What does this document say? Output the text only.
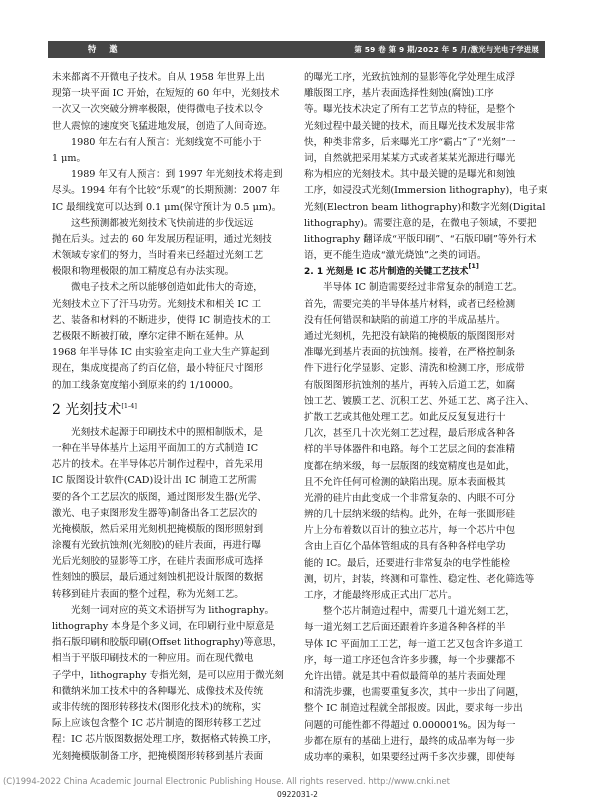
特邀	第 59 卷 第 9 期/2022 年 5 月/激光与光电子学进展
未来都离不开微电子技术。自从 1958 年世界上出
现第一块平面 IC 开始，在短短的 60 年中，光刻技术
一次又一次突破分辨率极限，使得微电子技术以令
世人震惊的速度突飞猛进地发展，创造了人间奇迹。
1980 年左右有人预言：光刻线宽不可能小于
1 μm。
1989 年又有人预言：到 1997 年光刻技术将走到
尽头。1994 年有个比较“乐观”的长期预测：2007 年
IC 最细线宽可以达到 0.1 μm(保守预计为 0.5 μm)。
这些预测都被光刻技术飞快前进的步伐远远
抛在后头。过去的 60 年发展历程证明，通过光刻技
术领域专家们的努力，当时看来已经超过光刻工艺
极限和物理极限的加工精度总有办法实现。
微电子技术之所以能够创造如此伟大的奇迹，
光刻技术立下了汗马功劳。光刻技术和相关 IC 工
艺、装备和材料的不断进步，使得 IC 制造技术的工
艺极限不断被打破，摩尔定律不断在延伸。从
1968 年半导体 IC 由实验室走向工业大生产算起到
现在，集成度提高了约百亿倍，最小特征尺寸图形
的加工线条宽度缩小到原来的约 1/10000。
2 光刻技术[1-4]
光刻技术起源于印刷技术中的照相制版术，是
一种在半导体基片上运用平面加工的方式制造 IC
芯片的技术。在半导体芯片制作过程中，首先采用
IC 版图设计软件(CAD)设计出 IC 制造工艺所需
要的各个工艺层次的版图，通过图形发生器(光学、
激光、电子束图形发生器等)制备出各工艺层次的
光掩模版，然后采用光刻机把掩模版的图形照射到
涂覆有光致抗蚀剂(光刻胶)的硅片表面，再进行曝
光后光刻胶的显影等工序，在硅片表面形成可选择
性刻蚀的膜层，最后通过刻蚀机把设计版图的数据
转移到硅片表面的整个过程，称为光刻工艺。
光刻一词对应的英文术语拼写为 lithography。
lithography 本身是个多义词，在印刷行业中原意是
指石版印刷和胶版印刷(Offset lithography)等意思，
相当于平版印刷技术的一种应用。而在现代微电
子学中，lithography 专指光刻，是可以应用于微光刻
和微纳米加工技术中的各种曝光、成像技术及传统
或非传统的图形转移技术(图形化技术)的统称，实
际上应该包含整个 IC 芯片制造的图形转移工艺过
程：IC 芯片版图数据处理工序，数据格式转换工序，
光刻掩模版制备工序，把掩模图形转移到基片表面
的曝光工序，光致抗蚀剂的显影等化学处理生成浮
雕版图工序，基片表面选择性刻蚀(腐蚀)工序
等。曝光技术决定了所有工艺节点的特征，是整个
光刻过程中最关键的技术，而且曝光技术发展非常
快，种类非常多，后来曝光工序“霸占”了“光刻”一
词，自然就把采用某某方式或者某某光源进行曝光
称为相应的光刻技术。其中最关键的是曝光和刻蚀
工序，如浸没式光刻(Immersion lithography)，电子束
光刻(Electron beam lithography)和数字光刻(Digital
lithography)。需要注意的是，在微电子领域，不要把
lithography 翻译成“平版印刷”、“石版印刷”等外行术
语，更不能生造成“激光烧蚀”之类的词语。
2. 1 光刻是 IC 芯片制造的关键工艺技术[1]
半导体 IC 制造需要经过非常复杂的制造工艺。
首先，需要完美的半导体基片材料，或者已经检测
没有任何错误和缺陷的前道工序的半成品基片。
通过光刻机，先把没有缺陷的掩模版的版图图形对
准曝光到基片表面的抗蚀剂。接着，在严格控制条
件下进行化学显影、定影、清洗和检测工序，形成带
有版图图形抗蚀剂的基片，再转入后道工艺，如腐
蚀工艺、镀膜工艺、沉积工艺、外延工艺、离子注入、
扩散工艺或其他处理工艺。如此反反复复进行十
几次，甚至几十次光刻工艺过程，最后形成各种各
样的半导体器件和电路。每个工艺层之间的套准精
度都在纳米级，每一层版图的线宽精度也是如此，
且不允许任何可检测的缺陷出现。原本表面极其
光滑的硅片由此变成一个非常复杂的、内眼不可分
辨的几十层纳米级的结构。此外，在每一张圆形硅
片上分布着数以百计的独立芯片，每一个芯片中包
含由上百亿个晶体管组成的具有各种各样电学功
能的 IC。最后，还要进行非常复杂的电学性能检
测，切片，封装，终测和可靠性、稳定性、老化筛选等
工序，才能最终形成正式出厂芯片。
整个芯片制造过程中，需要几十道光刻工艺，
每一道光刻工艺后面还跟着许多道各种各样的半
导体 IC 平面加工工艺，每一道工艺又包含许多道工
序，每一道工序还包含许多步骤，每一个步骤都不
允许出错。就是其中看似最简单的基片表面处理
和清洗步骤，也需要重复多次，其中一步出了问题，
整个 IC 制造过程就全部报废。因此，要求每一步出
问题的可能性都不得超过 0.000001%。因为每一
步都在原有的基础上进行，最终的成品率为每一步
成功率的乘积，如果要经过两千多次步骤，即使每
(C)1994-2022 China Academic Journal Electronic Publishing House. All rights reserved. http://www.cnki.net
0922031-2
